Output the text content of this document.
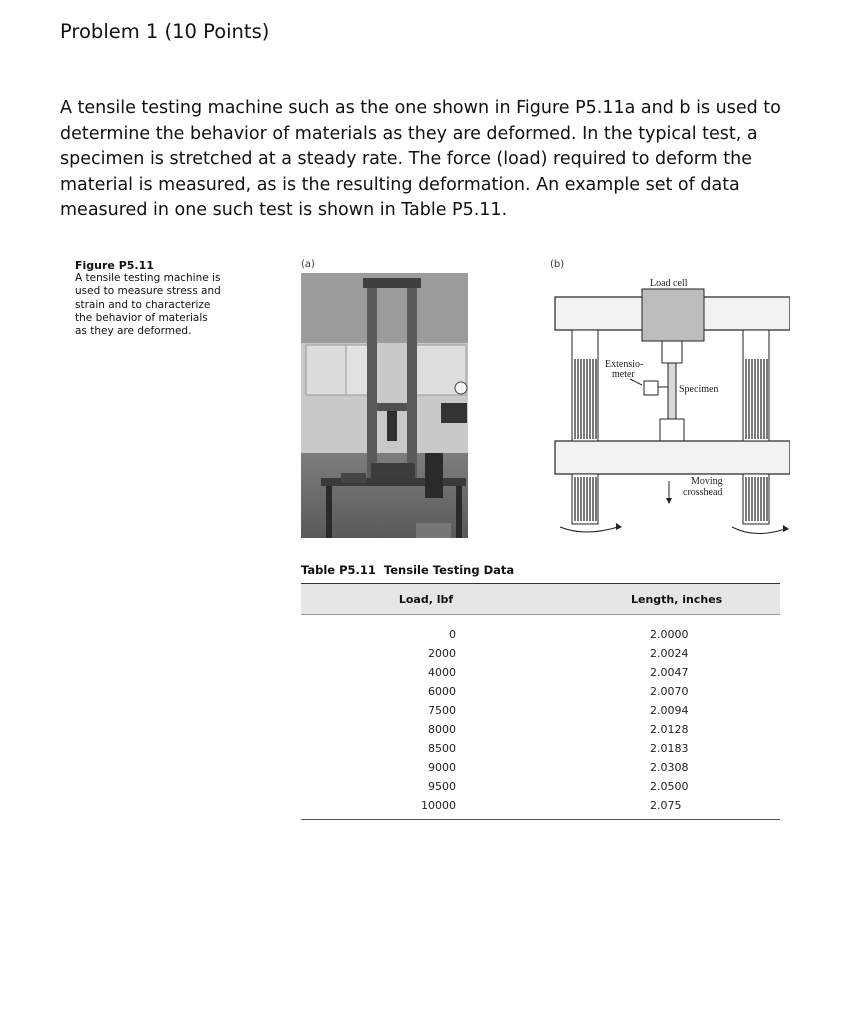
Problem 1 (10 Points)
A tensile testing machine such as the one shown in Figure P5.11a and b is used to
determine the behavior of materials as they are deformed. In the typical test, a
specimen is stretched at a steady rate. The force (load) required to deform the
material is measured, as is the resulting deformation. An example set of data
measured in one such test is shown in Table P5.11.
Figure P5.11
A tensile testing machine is
used to measure stress and
strain and to characterize
the behavior of materials
as they are deformed.
(a)	(b)
Load cell
Extensio-
meter
Specimen
Moving
crosshead
Table P5.11 Tensile Testing Data
Load, lbf	Length, inches
0	2.0000
2000	2.0024
4000	2.0047
6000	2.0070
7500	2.0094
8000	2.0128
8500	2.0183
9000	2.0308
9500	2.0500
10000	2.075
